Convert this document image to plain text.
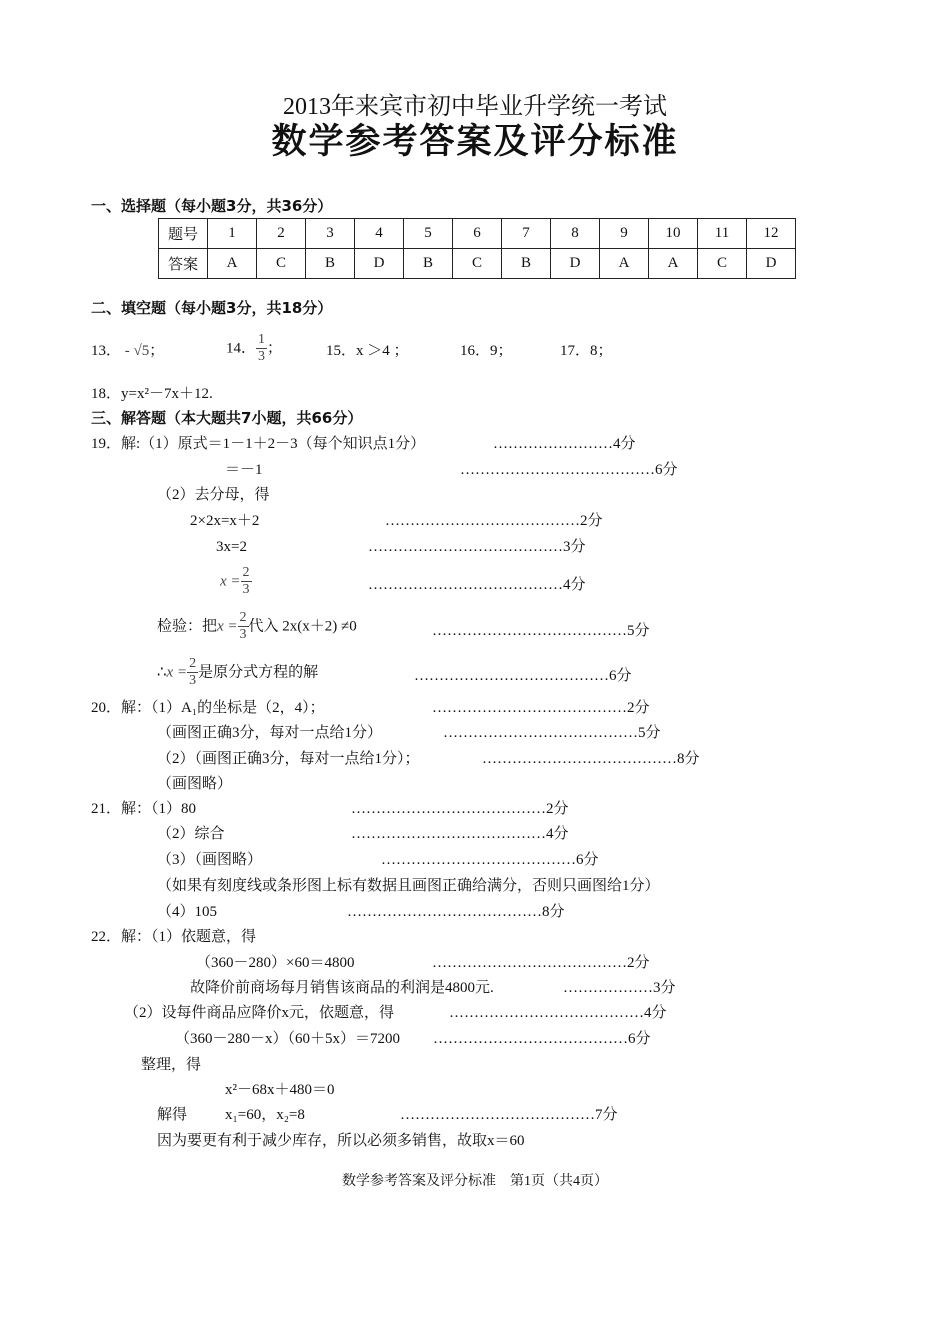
2013年来宾市初中毕业升学统一考试
数学参考答案及评分标准
一、选择题（每小题3分，共36分）
题号	1	2	3	4	5	6	7	8	9	10	11	12
答案	A	C	B	D	B	C	B	D	A	A	C	D
二、填空题（每小题3分，共18分）
13． - √5；	14． $\frac{1}{3}$ ；	15．x ＞4 ；	16．9；	17．8；
18．y=x²－7x＋12.
三、解答题（本大题共7小题，共66分）
19．解:（1）原式＝1－1＋2－3（每个知识点1分）	……………………4分
＝－1	…………………………………6分
（2）去分母，得
2×2x=x＋2	…………………………………2分
3x=2	…………………………………3分
$x = \frac{2}{3}$	…………………………………4分
检验：把$x = \frac{2}{3}$ 代入 2x(x＋2) ≠0	…………………………………5分
∴x = $\frac{2}{3}$ 是原分式方程的解	…………………………………6分
20．解：（1）A₁的坐标是（2，4）；	…………………………………2分
（画图正确3分，每对一点给1分）	…………………………………5分
（2）（画图正确3分，每对一点给1分）；	…………………………………8分
（画图略）
21．解：（1）80	…………………………………2分
（2）综合	…………………………………4分
（3）（画图略）	…………………………………6分
（如果有刻度线或条形图上标有数据且画图正确给满分，否则只画图给1分）
（4）105	…………………………………8分
22．解：（1）依题意，得
（360－280）×60＝4800	…………………………………2分
故降价前商场每月销售该商品的利润是4800元.	………………3分
（2）设每件商品应降价x元，依题意，得	…………………………………4分
（360－280－x）（60＋5x）＝7200 …………………………………6分
整理，得
x²－68x＋480＝0
解得	x₁=60，x₂=8	…………………………………7分
因为要更有利于减少库存，所以必须多销售，故取x＝60
数学参考答案及评分标准　第1页（共4页）
